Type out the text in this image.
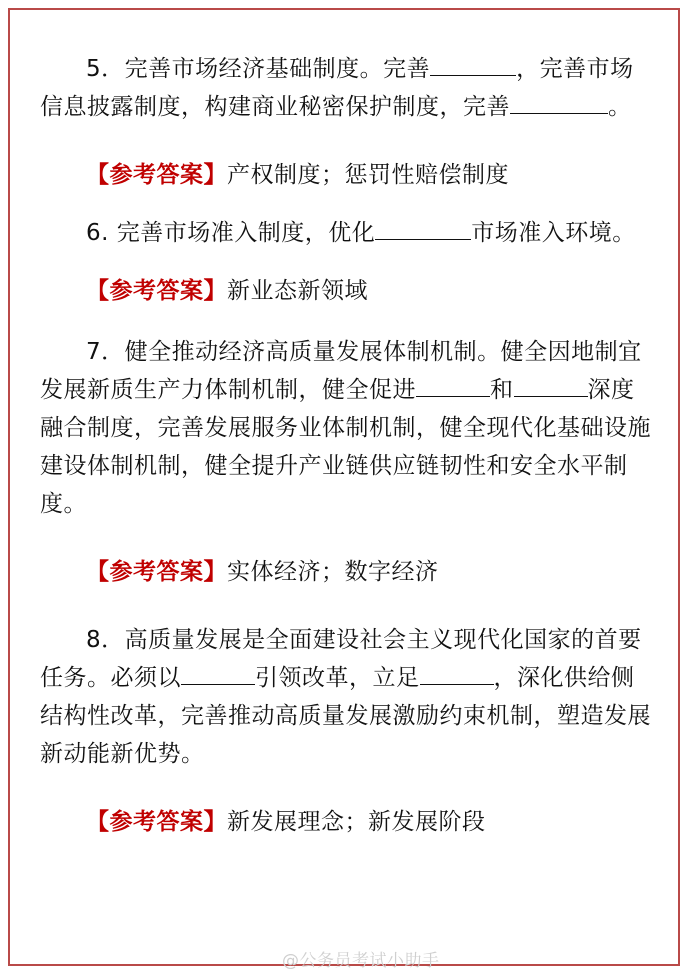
5．完善市场经济基础制度。完善	，完善市场信息披露制度，构建商业秘密保护制度，完善	。

【参考答案】产权制度；惩罚性赔偿制度

6. 完善市场准入制度，优化	市场准入环境。

【参考答案】新业态新领域

7．健全推动经济高质量发展体制机制。健全因地制宜发展新质生产力体制机制，健全促进	和	深度融合制度，完善发展服务业体制机制，健全现代化基础设施建设体制机制，健全提升产业链供应链韧性和安全水平制度。

【参考答案】实体经济；数字经济

8．高质量发展是全面建设社会主义现代化国家的首要任务。必须以	引领改革，立足	，深化供给侧结构性改革，完善推动高质量发展激励约束机制，塑造发展新动能新优势。

【参考答案】新发展理念；新发展阶段

@公务员考试小助手
